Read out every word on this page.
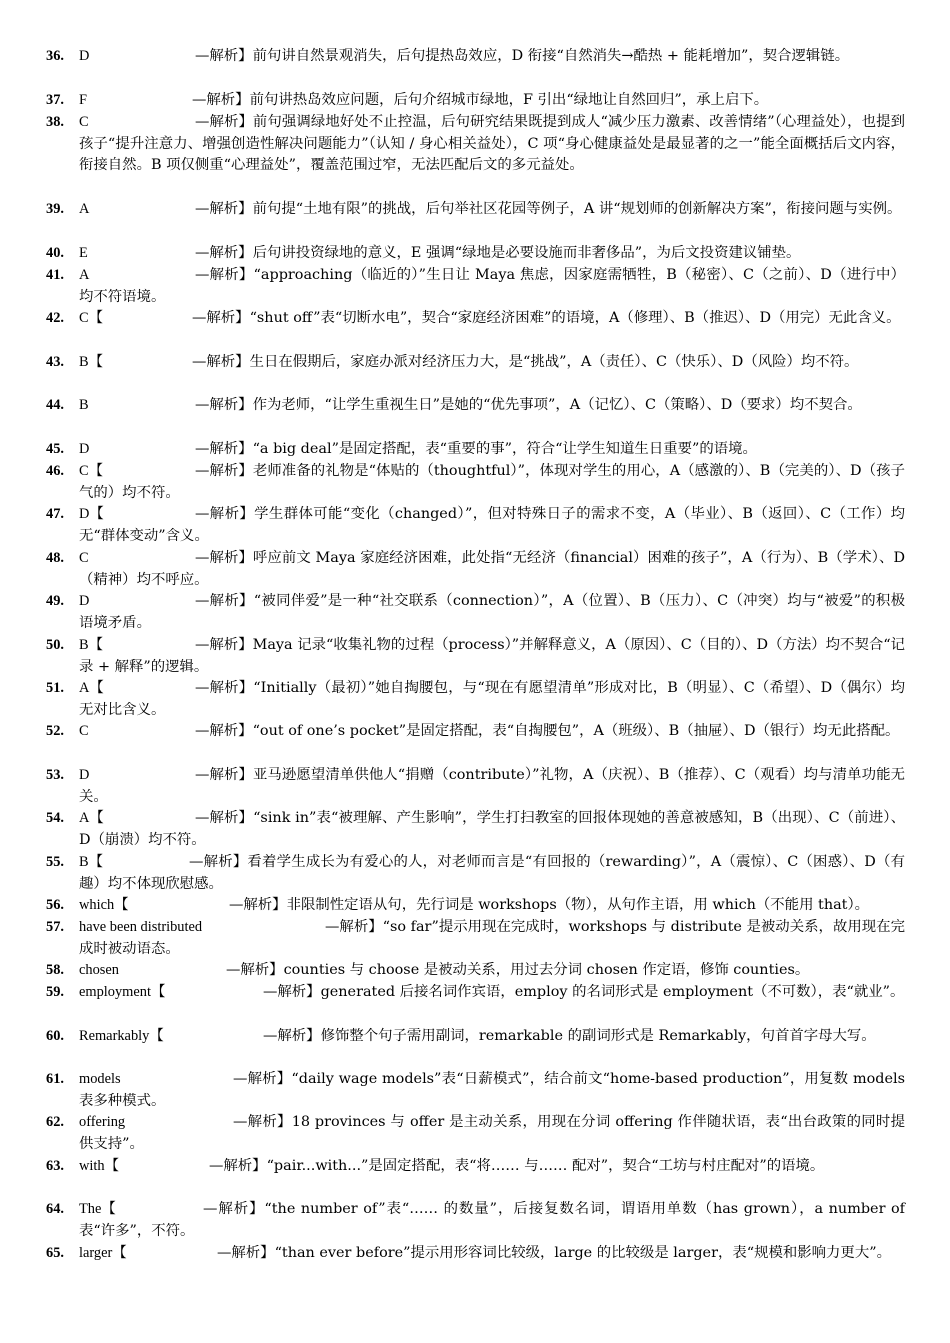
36. D	—解析】前句讲自然景观消失，后句提热岛效应，D 衔接“自然消失→酷热 + 能耗增加”，契合逻辑链。
37. F	—解析】前句讲热岛效应问题，后句介绍城市绿地，F 引出“绿地让自然回归”，承上启下。
38. C	—解析】前句强调绿地好处不止控温，后句研究结果既提到成人“减少压力激素、改善情绪”（心理益处），也提到孩子“提升注意力、增强创造性解决问题能力”（认知 / 身心相关益处），C 项“身心健康益处是最显著的之一”能全面概括后文内容，衔接自然。B 项仅侧重“心理益处”，覆盖范围过窄，无法匹配后文的多元益处。
39. A	—解析】前句提“土地有限”的挑战，后句举社区花园等例子，A 讲“规划师的创新解决方案”，衔接问题与实例。
40. E	—解析】后句讲投资绿地的意义，E 强调“绿地是必要设施而非奢侈品”，为后文投资建议铺垫。
41. A	—解析】“approaching（临近的）”生日让 Maya 焦虑，因家庭需牺牲，B（秘密）、C（之前）、D（进行中）均不符语境。
42. C【	—解析】“shut off”表“切断水电”，契合“家庭经济困难”的语境，A（修理）、B（推迟）、D（用完）无此含义。
43. B【	—解析】生日在假期后，家庭办派对经济压力大，是“挑战”，A（责任）、C（快乐）、D（风险）均不符。
44. B	—解析】作为老师，“让学生重视生日”是她的“优先事项”，A（记忆）、C（策略）、D（要求）均不契合。
45. D	—解析】“a big deal”是固定搭配，表“重要的事”，符合“让学生知道生日重要”的语境。
46. C【	—解析】老师准备的礼物是“体贴的（thoughtful）”，体现对学生的用心，A（感激的）、B（完美的）、D（孩子气的）均不符。
47. D【	—解析】学生群体可能“变化（changed）”，但对特殊日子的需求不变，A（毕业）、B（返回）、C（工作）均无“群体变动”含义。
48. C	—解析】呼应前文 Maya 家庭经济困难，此处指“无经济（financial）困难的孩子”，A（行为）、B（学术）、D（精神）均不呼应。
49. D	—解析】“被同伴爱”是一种“社交联系（connection）”，A（位置）、B（压力）、C（冲突）均与“被爱”的积极语境矛盾。
50. B【	—解析】Maya 记录“收集礼物的过程（process）”并解释意义，A（原因）、C（目的）、D（方法）均不契合“记录 + 解释”的逻辑。
51. A【	—解析】“Initially（最初）”她自掏腰包，与“现在有愿望清单”形成对比，B（明显）、C（希望）、D（偶尔）均无对比含义。
52. C	—解析】“out of one’s pocket”是固定搭配，表“自掏腰包”，A（班级）、B（抽屉）、D（银行）均无此搭配。
53. D	—解析】亚马逊愿望清单供他人“捐赠（contribute）”礼物，A（庆祝）、B（推荐）、C（观看）均与清单功能无关。
54. A【	—解析】“sink in”表“被理解、产生影响”，学生打扫教室的回报体现她的善意被感知，B（出现）、C（前进）、D（崩溃）均不符。
55. B【	—解析】看着学生成长为有爱心的人，对老师而言是“有回报的（rewarding）”，A（震惊）、C（困惑）、D（有趣）均不体现欣慰感。
56. which【	—解析】非限制性定语从句，先行词是 workshops（物），从句作主语，用 which（不能用 that）。
57. have been distributed	—解析】“so far”提示用现在完成时，workshops 与 distribute 是被动关系，故用现在完成时被动语态。
58. chosen	—解析】counties 与 choose 是被动关系，用过去分词 chosen 作定语，修饰 counties。
59. employment【	—解析】generated 后接名词作宾语，employ 的名词形式是 employment（不可数），表“就业”。
60. Remarkably【	—解析】修饰整个句子需用副词，remarkable 的副词形式是 Remarkably，句首首字母大写。
61. models	—解析】“daily wage models”表“日薪模式”，结合前文“home-based production”，用复数 models 表多种模式。
62. offering	—解析】18 provinces 与 offer 是主动关系，用现在分词 offering 作伴随状语，表“出台政策的同时提供支持”。
63. with【	—解析】“pair...with...”是固定搭配，表“将…… 与…… 配对”，契合“工坊与村庄配对”的语境。
64. The【	—解析】“the number of”表“…… 的数量”，后接复数名词，谓语用单数（has grown），a number of 表“许多”，不符。
65. larger【	—解析】“than ever before”提示用形容词比较级，large 的比较级是 larger，表“规模和影响力更大”。
